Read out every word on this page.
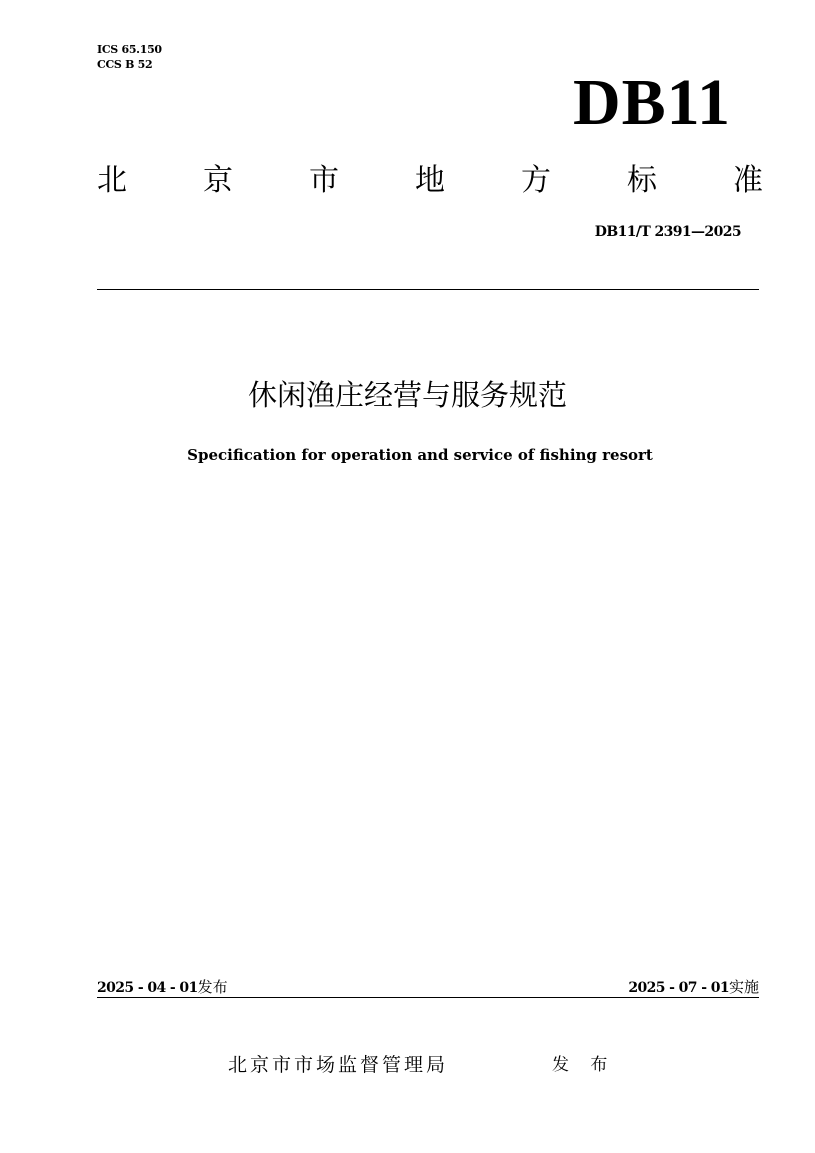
ICS 65.150
CCS B 52
DB11
北	京	市	地	方	标	准
DB11/T 2391—2025
休闲渔庄经营与服务规范
Specification for operation and service of fishing resort
2025 - 04 - 01发布	2025 - 07 - 01实施
北京市市场监督管理局	发 布
